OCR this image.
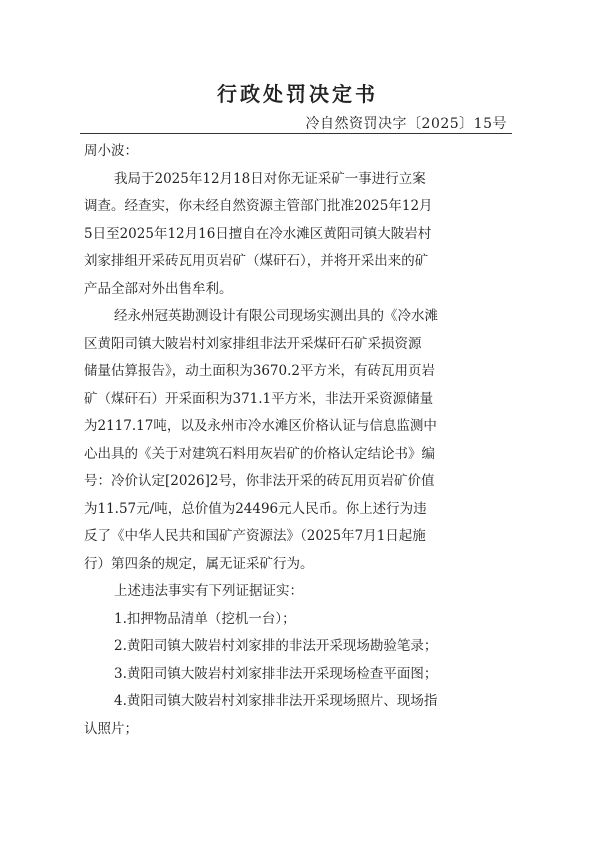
行政处罚决定书
冷自然资罚决字〔2025〕15号
周小波：
我局于2025年12月18日对你无证采矿一事进行立案
调查。经查实，你未经自然资源主管部门批准2025年12月
5日至2025年12月16日擅自在冷水滩区黄阳司镇大陂岩村
刘家排组开采砖瓦用页岩矿（煤矸石），并将开采出来的矿
产品全部对外出售牟利。
经永州冠英勘测设计有限公司现场实测出具的《冷水滩
区黄阳司镇大陂岩村刘家排组非法开采煤矸石矿采损资源
储量估算报告》，动土面积为3670.2平方米，有砖瓦用页岩
矿（煤矸石）开采面积为371.1平方米，非法开采资源储量
为2117.17吨，以及永州市冷水滩区价格认证与信息监测中
心出具的《关于对建筑石料用灰岩矿的价格认定结论书》编
号：冷价认定[2026]2号，你非法开采的砖瓦用页岩矿价值
为11.57元/吨，总价值为24496元人民币。你上述行为违
反了《中华人民共和国矿产资源法》（2025年7月1日起施
行）第四条的规定，属无证采矿行为。
上述违法事实有下列证据证实：
1.扣押物品清单（挖机一台）；
2.黄阳司镇大陂岩村刘家排的非法开采现场勘验笔录；
3.黄阳司镇大陂岩村刘家排非法开采现场检查平面图；
4.黄阳司镇大陂岩村刘家排非法开采现场照片、现场指
认照片；
